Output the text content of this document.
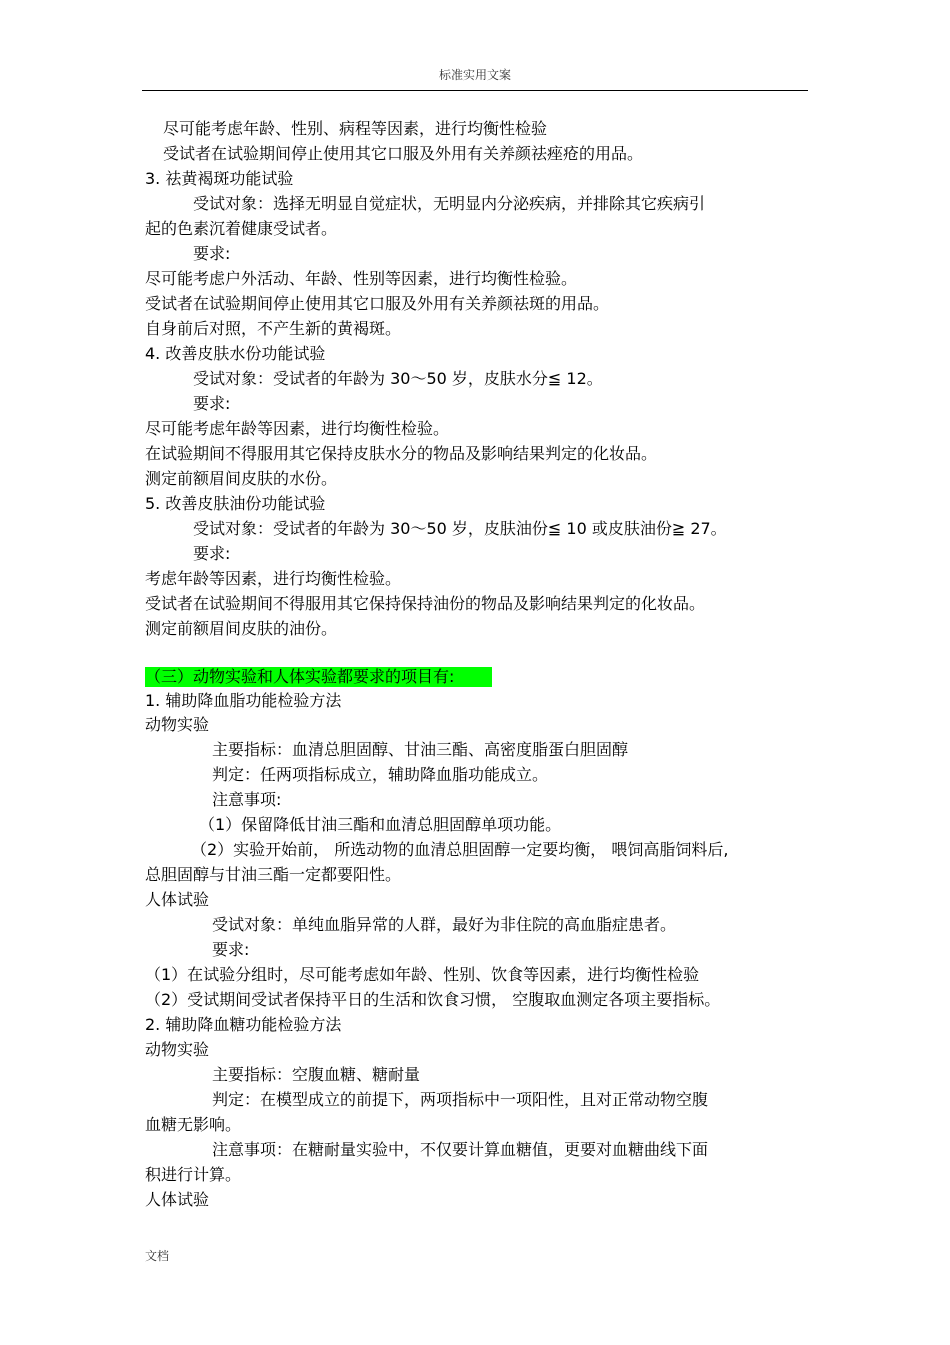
标准实用文案
尽可能考虑年龄、性别、病程等因素，进行均衡性检验
受试者在试验期间停止使用其它口服及外用有关养颜祛痤疮的用品。
3. 祛黄褐斑功能试验
受试对象：选择无明显自觉症状，无明显内分泌疾病，并排除其它疾病引
起的色素沉着健康受试者。
要求:
尽可能考虑户外活动、年龄、性别等因素，进行均衡性检验。
受试者在试验期间停止使用其它口服及外用有关养颜祛斑的用品。
自身前后对照，不产生新的黄褐斑。
4. 改善皮肤水份功能试验
受试对象：受试者的年龄为 30～50 岁，皮肤水分≦ 12。
要求:
尽可能考虑年龄等因素，进行均衡性检验。
在试验期间不得服用其它保持皮肤水分的物品及影响结果判定的化妆品。
测定前额眉间皮肤的水份。
5. 改善皮肤油份功能试验
受试对象：受试者的年龄为 30～50 岁，皮肤油份≦ 10 或皮肤油份≧ 27。
要求:
考虑年龄等因素，进行均衡性检验。
受试者在试验期间不得服用其它保持保持油份的物品及影响结果判定的化妆品。
测定前额眉间皮肤的油份。
（三）动物实验和人体实验都要求的项目有:
1. 辅助降血脂功能检验方法
动物实验
主要指标：血清总胆固醇、甘油三酯、高密度脂蛋白胆固醇
判定：任两项指标成立，辅助降血脂功能成立。
注意事项:
（1）保留降低甘油三酯和血清总胆固醇单项功能。
（2）实验开始前， 所选动物的血清总胆固醇一定要均衡， 喂饲高脂饲料后,
总胆固醇与甘油三酯一定都要阳性。
人体试验
受试对象：单纯血脂异常的人群，最好为非住院的高血脂症患者。
要求:
（1）在试验分组时，尽可能考虑如年龄、性别、饮食等因素，进行均衡性检验
（2）受试期间受试者保持平日的生活和饮食习惯， 空腹取血测定各项主要指标。
2. 辅助降血糖功能检验方法
动物实验
主要指标：空腹血糖、糖耐量
判定：在模型成立的前提下，两项指标中一项阳性，且对正常动物空腹
血糖无影响。
注意事项：在糖耐量实验中，不仅要计算血糖值，更要对血糖曲线下面
积进行计算。
人体试验
文档
